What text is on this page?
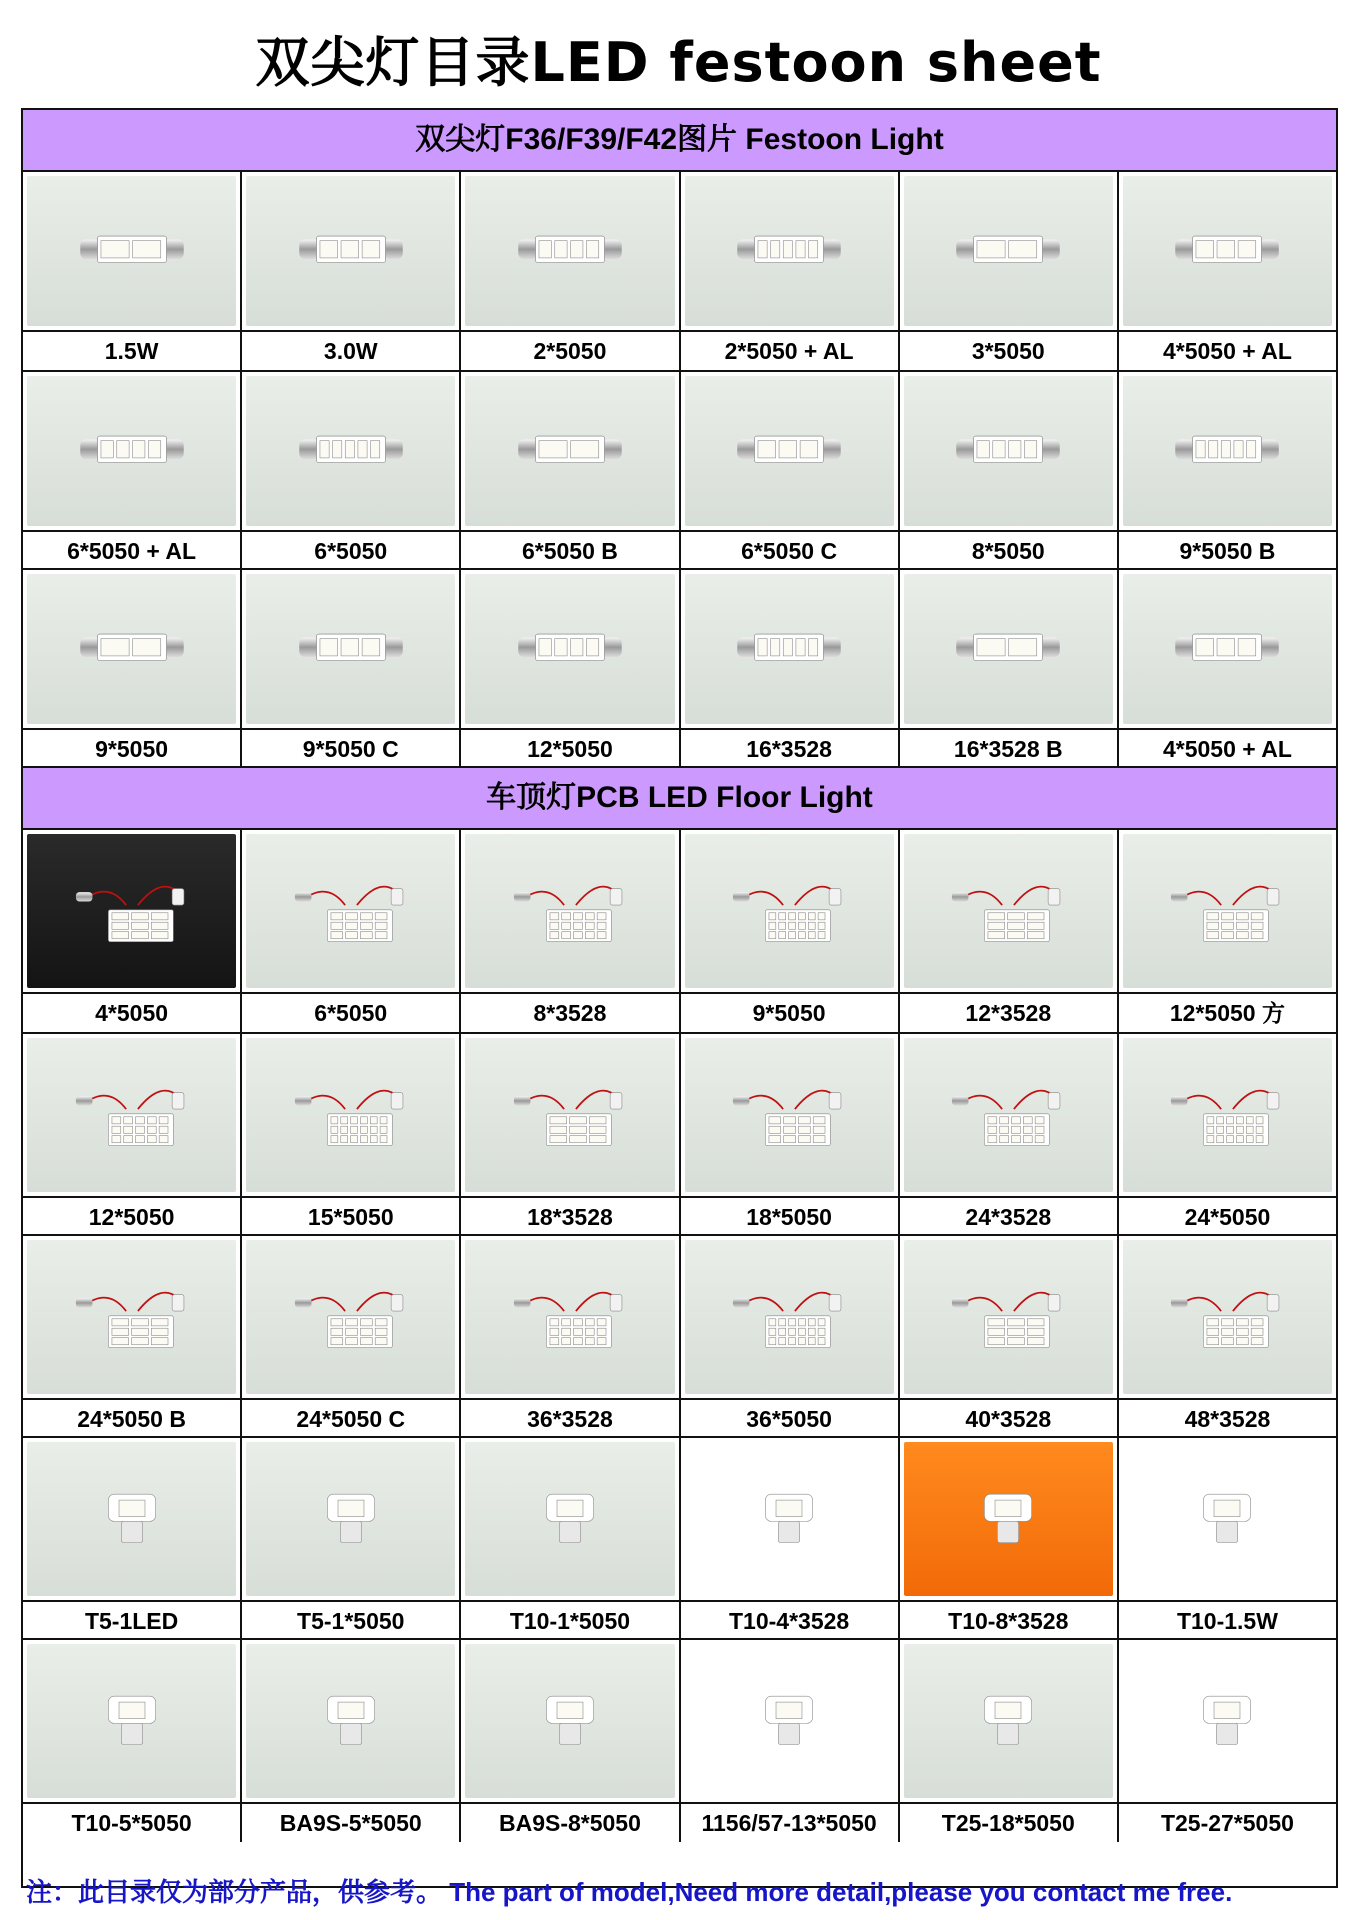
双尖灯目录LED festoon sheet
双尖灯F36/F39/F42图片 Festoon Light
1.5W	3.0W	2*5050	2*5050 + AL	3*5050	4*5050 + AL
6*5050 + AL	6*5050	6*5050 B	6*5050 C	8*5050	9*5050 B
9*5050	9*5050 C	12*5050	16*3528	16*3528 B	4*5050 + AL
车顶灯PCB LED Floor Light
4*5050	6*5050	8*3528	9*5050	12*3528	12*5050 方
12*5050	15*5050	18*3528	18*5050	24*3528	24*5050
24*5050 B	24*5050 C	36*3528	36*5050	40*3528	48*3528
T5-1LED	T5-1*5050	T10-1*5050	T10-4*3528	T10-8*3528	T10-1.5W
T10-5*5050	BA9S-5*5050	BA9S-8*5050	1156/57-13*5050	T25-18*5050	T25-27*5050
注：此目录仅为部分产品，供参考。 The part of model,Need more detail,please you contact me free.
